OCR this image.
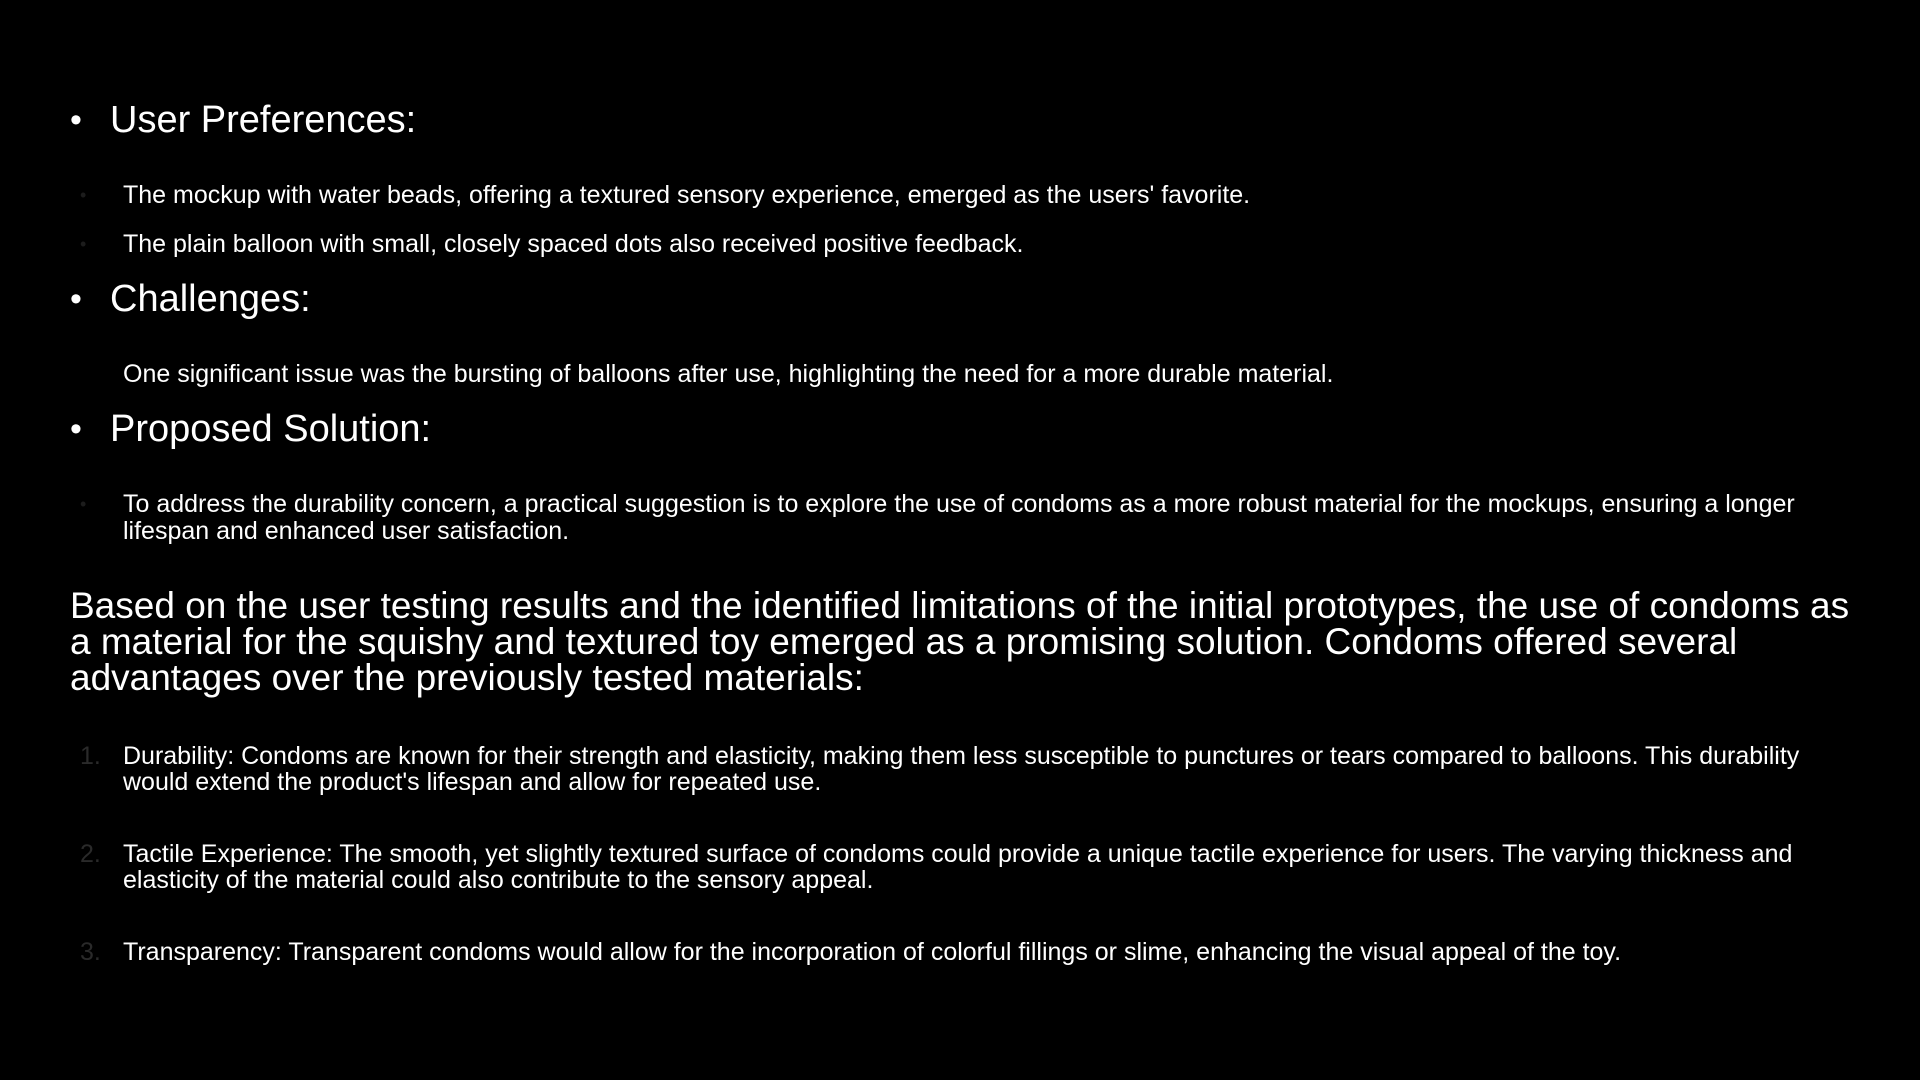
• User Preferences:
•	The mockup with water beads, offering a textured sensory experience, emerged as the users' favorite.
•	The plain balloon with small, closely spaced dots also received positive feedback.
• Challenges:
One significant issue was the bursting of balloons after use, highlighting the need for a more durable material.
• Proposed Solution:
•	To address the durability concern, a practical suggestion is to explore the use of condoms as a more robust material for the mockups, ensuring a longer lifespan and enhanced user satisfaction.
Based on the user testing results and the identified limitations of the initial prototypes, the use of condoms as a material for the squishy and textured toy emerged as a promising solution. Condoms offered several advantages over the previously tested materials:
1. Durability: Condoms are known for their strength and elasticity, making them less susceptible to punctures or tears compared to balloons. This durability would extend the product's lifespan and allow for repeated use.
2. Tactile Experience: The smooth, yet slightly textured surface of condoms could provide a unique tactile experience for users. The varying thickness and elasticity of the material could also contribute to the sensory appeal.
3. Transparency: Transparent condoms would allow for the incorporation of colorful fillings or slime, enhancing the visual appeal of the toy.
